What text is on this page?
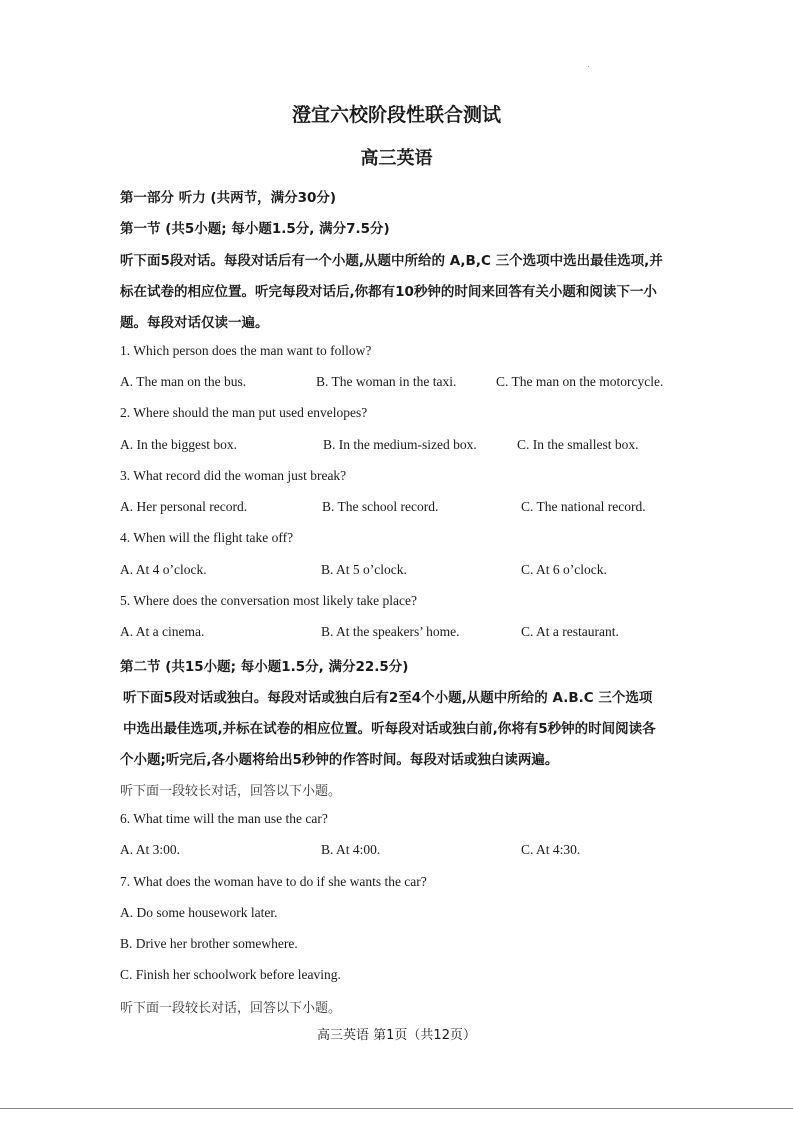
澄宜六校阶段性联合测试
高三英语
第一部分 听力 (共两节，满分30分)
第一节 (共5小题; 每小题1.5分, 满分7.5分)
听下面5段对话。每段对话后有一个小题,从题中所给的 A,B,C 三个选项中选出最佳选项,并
标在试卷的相应位置。听完每段对话后,你都有10秒钟的时间来回答有关小题和阅读下一小
题。每段对话仅读一遍。
1. Which person does the man want to follow?
A. The man on the bus.	B. The woman in the taxi.	C. The man on the motorcycle.
2. Where should the man put used envelopes?
A. In the biggest box.	B. In the medium-sized box.	C. In the smallest box.
3. What record did the woman just break?
A. Her personal record.	B. The school record.	C. The national record.
4. When will the flight take off?
A. At 4 o’clock.	B. At 5 o’clock.	C. At 6 o’clock.
5. Where does the conversation most likely take place?
A. At a cinema.	B. At the speakers’ home.	C. At a restaurant.
第二节 (共15小题; 每小题1.5分, 满分22.5分)
听下面5段对话或独白。每段对话或独白后有2至4个小题,从题中所给的 A.B.C 三个选项
中选出最佳选项,并标在试卷的相应位置。听每段对话或独白前,你将有5秒钟的时间阅读各
个小题;听完后,各小题将给出5秒钟的作答时间。每段对话或独白读两遍。
听下面一段较长对话，回答以下小题。
6. What time will the man use the car?
A. At 3:00.	B. At 4:00.	C. At 4:30.
7. What does the woman have to do if she wants the car?
A. Do some housework later.
B. Drive her brother somewhere.
C. Finish her schoolwork before leaving.
听下面一段较长对话，回答以下小题。
高三英语 第1页（共12页）
